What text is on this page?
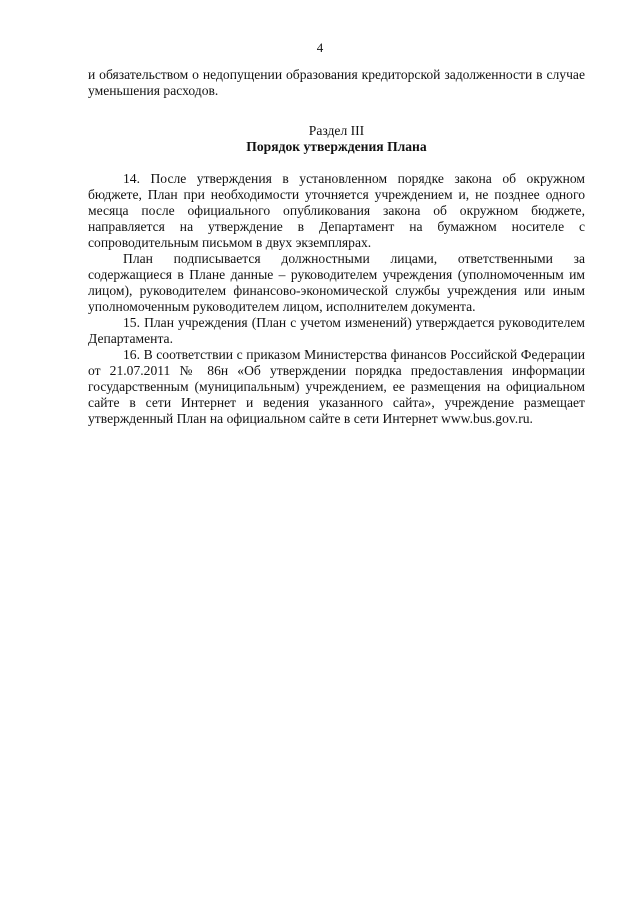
4

и обязательством о недопущении образования кредиторской задолженности в случае уменьшения расходов.

Раздел III

Порядок утверждения Плана

14. После утверждения в установленном порядке закона об окружном бюджете, План при необходимости уточняется учреждением и, не позднее одного месяца после официального опубликования закона об окружном бюджете, направляется на утверждение в Департамент на бумажном носителе с сопроводительным письмом в двух экземплярах.

План подписывается должностными лицами, ответственными за содержащиеся в Плане данные – руководителем учреждения (уполномоченным им лицом), руководителем финансово-экономической службы учреждения или иным уполномоченным руководителем лицом, исполнителем документа.

15. План учреждения (План с учетом изменений) утверждается руководителем Департамента.

16. В соответствии с приказом Министерства финансов Российской Федерации от 21.07.2011 № 86н «Об утверждении порядка предоставления информации государственным (муниципальным) учреждением, ее размещения на официальном сайте в сети Интернет и ведения указанного сайта», учреждение размещает утвержденный План на официальном сайте в сети Интернет www.bus.gov.ru.
